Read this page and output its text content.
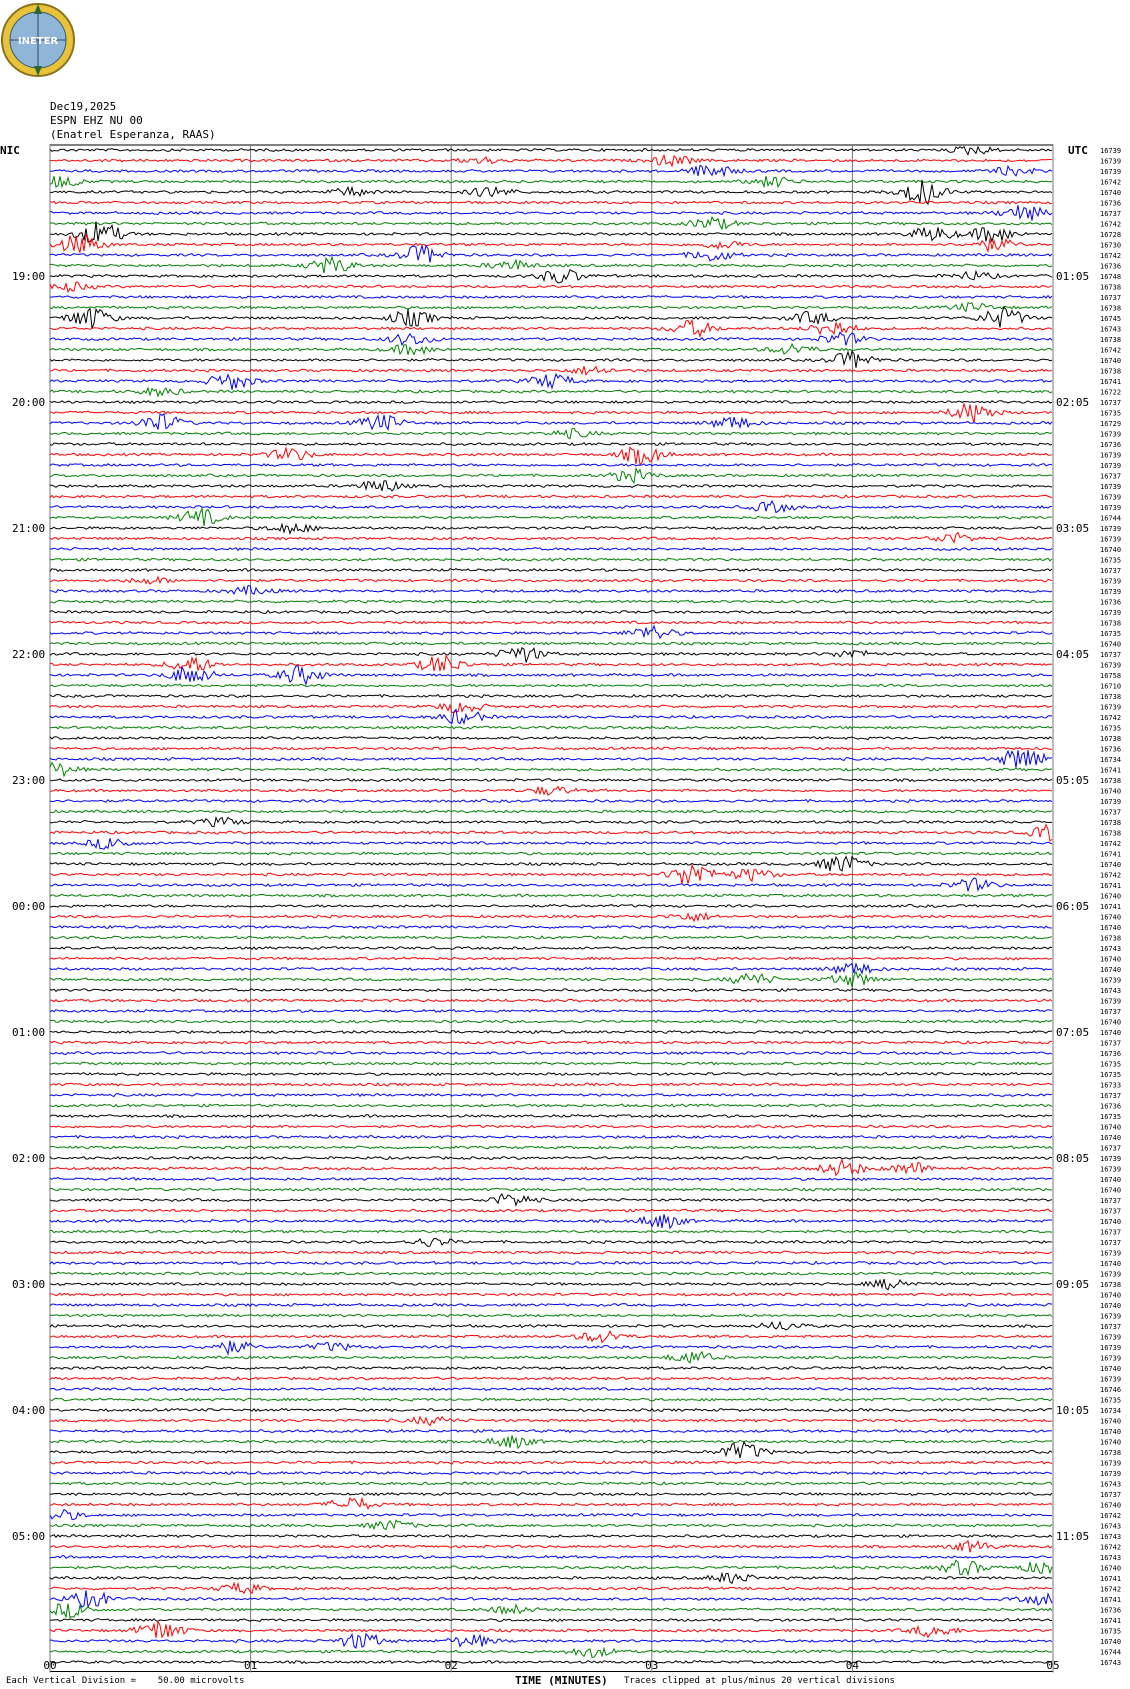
INETER
Dec19,2025
ESPN EHZ NU 00
(Enatrel Esperanza, RAAS)
NIC	UTC
00	01	02	03	04	05
16739
16739
16739
16742
16740
16736
16737
16742
16728
16730
16742
16736
16748
16738
16737
16738
16745
16743
16738
16742
16740
16738
16741
16722
16737
16735
16729
16739
16736
16739
16739
16737
16739
16739
16739
16744
16739
16739
16740
16735
16737
16739
16739
16736
16739
16738
16735
16740
16737
16739
16758
16710
16738
16739
16742
16735
16738
16736
16734
16741
16738
16740
16739
16737
16738
16738
16742
16741
16740
16742
16741
16740
16741
16740
16740
16738
16743
16740
16740
16739
16743
16739
16737
16740
16740
16737
16736
16735
16735
16733
16737
16736
16735
16740
16740
16737
16739
16739
16740
16740
16737
16737
16740
16737
16737
16739
16740
16739
16738
16740
16740
16739
16737
16739
16739
16739
16740
16739
16746
16735
16734
16740
16740
16740
16738
16739
16739
16743
16737
16740
16742
16743
16743
16742
16743
16740
16741
16742
16741
16736
16741
16735
16740
16744
16743
19:00	01:05
20:00	02:05
21:00	03:05
22:00	04:05
23:00	05:05
00:00	06:05
01:00	07:05
02:00	08:05
03:00	09:05
04:00	10:05
05:00	11:05
Each Vertical Division =    50.00 microvolts	TIME (MINUTES) Traces clipped at plus/minus 20 vertical divisions
